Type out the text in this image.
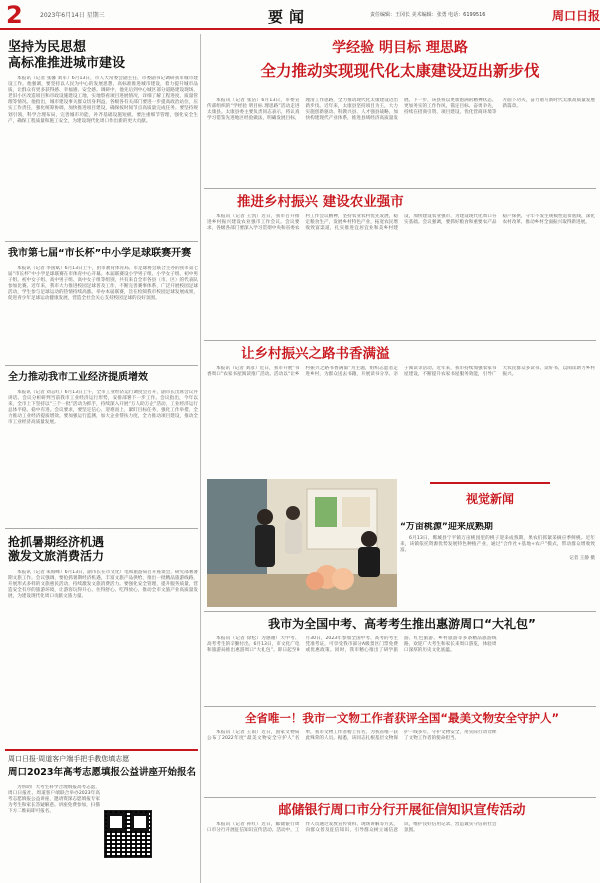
2	2023年6月14日 星期三	要闻	责任编辑：王冈长 美术编辑：张勇 电话：6199516	周口日报
坚持为民思想
高标准推进城市建设
本报讯（记者 张馨 刘军）6月13日，市人大常委会副主任、市委副书记调研我市城市建设工作。他强调，要坚持以人民为中心的发展思想，高标准推进城市建设，着力提升城市品质，让群众有更多获得感、幸福感、安全感。调研中，他先后到中心城区部分道路建设现场、老旧小区改造项目和市政设施建设工地，实地察看项目进展情况，详细了解工程进度、质量管理等情况。他指出，城市建设事关群众切身利益，各级各有关部门要进一步提高政治站位，压实工作责任，强化统筹协调，加快推进项目建设，确保按时间节点高质量完成任务。要坚持规划引领，科学合理布局，完善城市功能，补齐基础设施短板。要注重细节管理，强化安全生产，确保工程质量和施工安全，为建设现代化周口作出新的更大贡献。
我市第七届“市长杯”中小学足球联赛开赛
本报讯（记者 李国斌）6月13日上午，由市教育体育局、市足球协会联合主办的我市第七届“市长杯”中小学足球联赛在市体育中心开幕。本届联赛设小学男子组、小学女子组、初中男子组、初中女子组、高中男子组、高中女子组等组别，共有来自全市各县（市、区）的代表队参加比赛。近年来，我市大力推进校园足球普及工作，不断完善赛事体系，广泛开展校园足球活动，学生参与足球运动的热情持续高涨。举办本届联赛，旨在检阅我市校园足球发展成果，促进青少年足球运动健康发展，营造全社会关心支持校园足球的良好氛围。
全力推动我市工业经济提质增效
本报讯（记者 刘志红）6月13日上午，全市工业经济运行调度会召开，副市长出席会议并讲话。会议分析研判当前我市工业经济运行形势，安排部署下一步工作。会议指出，今年以来，全市上下坚持以“三个一批”活动为抓手，持续深入开展“万人助万企”活动，工业经济运行总体平稳、稳中有进。会议要求，要坚定信心、迎难而上，紧盯目标任务，强化工作举措，全力推动工业经济提质增效。要加强运行监测，加大企业帮扶力度，全力推动项目建设，推动全市工业经济高质量发展。
抢抓暑期经济机遇
激发文旅消费活力
本报讯（记者 朱海峰）6月13日，副市长在市文化广电和旅游局召开座谈会，研究部署暑期文旅工作。会议强调，要抢抓暑期经济机遇，丰富文旅产品供给，推出一批精品旅游线路，开展形式多样的文旅惠民活动，持续激发文旅消费活力。要强化安全管理，提升服务质量，营造安全有序的旅游环境，让游客玩得开心、住得舒心、吃得放心，推动全市文旅产业高质量发展，为建设现代化周口贡献文旅力量。
周口日报·周道客户端手把手教您填志愿
周口2023年高考志愿填报公益讲座开始报名
为帮助广大考生科学合理填报高考志愿，周口日报社、周道客户端联合举办2023年高考志愿填报公益讲座，邀请资深志愿填报专家为考生和家长答疑解惑。讲座免费参加，扫描下方二维码即可报名。
学经验 明目标 理思路
全力推动实现现代化太康建设迈出新步伐
本报讯（记者 张洁）6月13日，市委宣传部组织的“学经验 明目标 理思路”活动走进太康县。太康县委主要负责同志表示，将认真学习借鉴先进地区经验做法，明确发展目标，理清工作思路，全力推动现代化太康建设迈出新步伐。近年来，太康县坚持项目为王，大力实施创新驱动、科教兴县、人才强县战略，加快构建现代产业体系，推进县域经济高质量发展。下一步，该县将以更加饱满的精神状态、更加务实的工作作风，锚定目标、奋勇争先，持续在招商引资、项目建设、优化营商环境等方面下功夫，奋力谱写新时代太康高质量发展新篇章。
推进乡村振兴 建设农业强市
本报讯（记者 王凯）近日，我市召开推进乡村振兴建设农业强市工作会议。会议要求，各级各部门要深入学习贯彻中央和省委农村工作会议精神，坚持农业农村优先发展，稳定粮食生产，发展乡村特色产业，拓宽农民增收致富渠道，扎实推进宜居宜业和美乡村建设，加快建设农业强市，为建设现代化周口夯实基础。会议强调，要抓好粮食和重要农产品稳产保供，守牢不发生规模性返贫底线，深化农村改革，推动乡村全面振兴取得新进展。
让乡村振兴之路书香满溢
本报讯（记者 刘彦）近日，我市开展“书香周口”农家书屋阅读推广活动。活动以“让乡村振兴之路书香满溢”为主题，组织志愿者走进乡村，为群众送去书籍，开展读书分享、亲子阅读等活动。近年来，我市持续加强农家书屋建设，不断提升农家书屋服务效能，引导广大农民群众多读书、读好书，以阅读助力乡村振兴。
视觉新闻
“万亩桃源”迎来成熟期
6月13日，郸城县宁平镇万亩桃园里的桃子迎来成熟期，果农们抓紧采摘应季鲜桃。近年来，该镇依托资源优势发展特色种植产业，通过“合作社+基地+农户”模式，带动群众增收致富。
记者 王静 摄
我市为全国中考、高考考生推出惠游周口“大礼包”
本报讯（记者 徐松）为感谢广大中考、高考考生的辛勤付出，6月13日，市文化广电和旅游局推出惠游周口“大礼包”。即日起至9月30日，2023年参加全国中考、高考的考生凭准考证，可享受我市部分A级景区门票免费或优惠政策。同时，我市精心推出了研学旅游、红色旅游、乡村旅游等多条精品旅游线路，欢迎广大考生和家长来周口游览，体验周口深厚的历史文化底蕴。
全省唯一！我市一文物工作者获评全国“最美文物安全守护人”
本报讯（记者 王雨）近日，国家文物局公布了2022年度“最美文物安全守护人”名单，我市文物工作者榜上有名，为我省唯一获此殊荣的人员。据悉，该同志扎根基层文物保护一线多年，守护文物安全，用实际行动诠释了文物工作者的使命担当。
邮储银行周口市分行开展征信知识宣传活动
本报讯（记者 孙红）近日，邮储银行周口市分行开展征信知识宣传活动。活动中，工作人员通过发放宣传资料、现场讲解等方式，向群众普及征信知识，引导群众树立诚信意识，维护良好信用记录，营造诚实守信的社会氛围。
